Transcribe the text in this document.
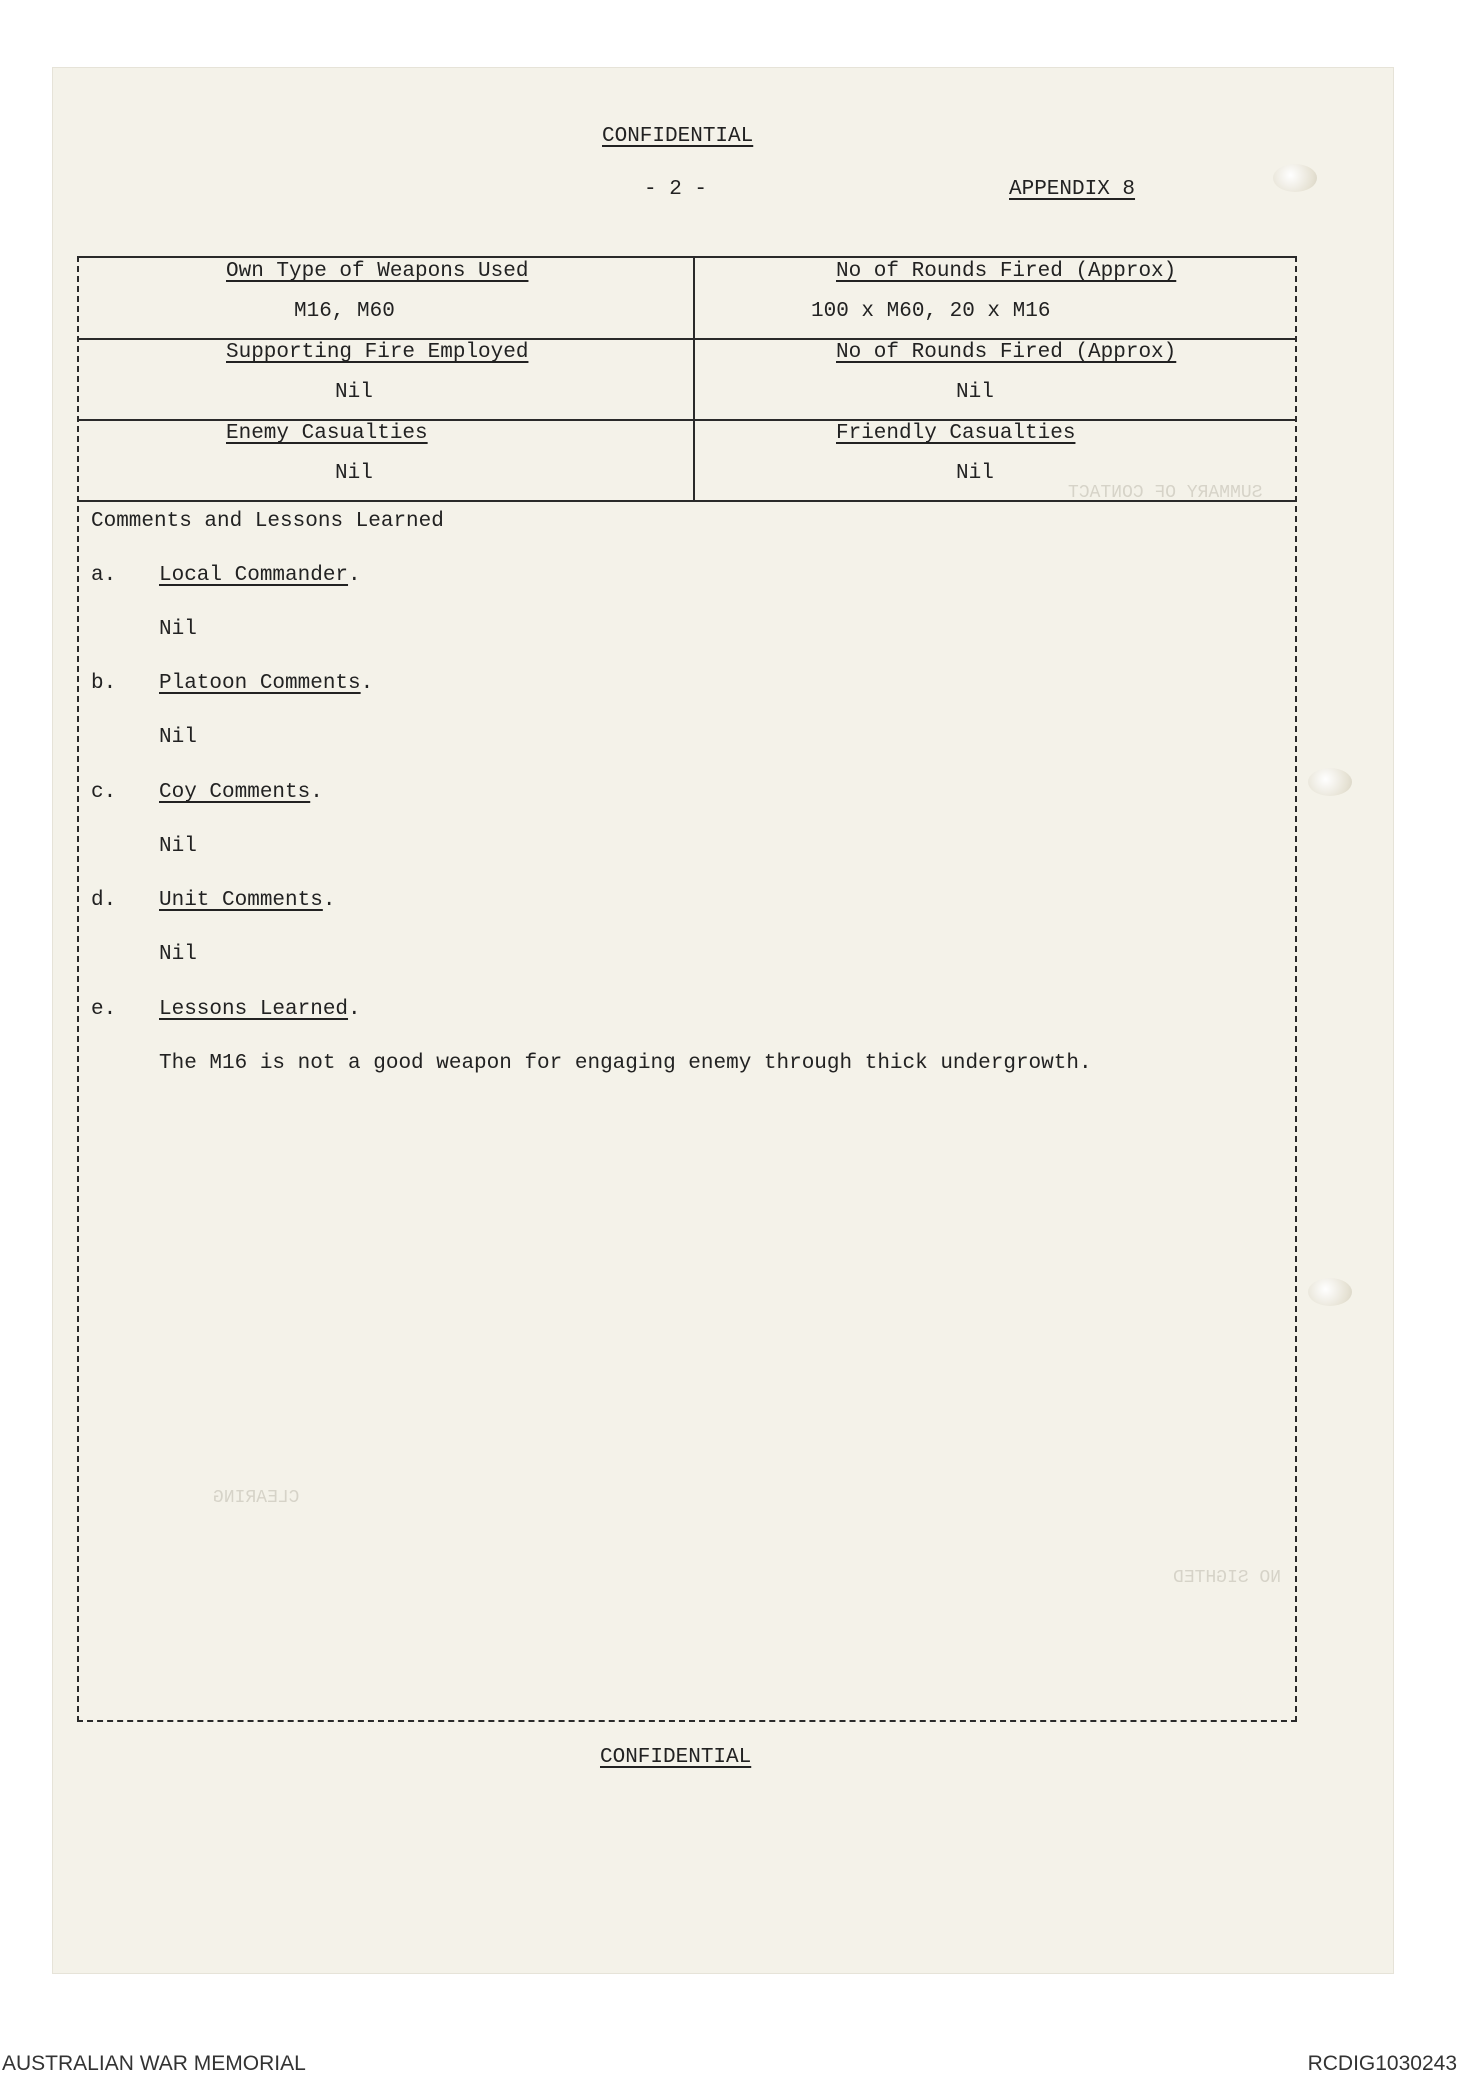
SUMMARY OF CONTACT
CLEARING
NO SIGHTED
CONFIDENTIAL
- 2 -	APPENDIX 8
Own Type of Weapons Used
M16, M60
No of Rounds Fired (Approx)
100 x M60, 20 x M16
Supporting Fire Employed
Nil
No of Rounds Fired (Approx)
Nil
Enemy Casualties
Nil
Friendly Casualties
Nil
Comments and Lessons Learned
a. Local Commander.
Nil
b. Platoon Comments.
Nil
c. Coy Comments.
Nil
d. Unit Comments.
Nil
e. Lessons Learned.
The M16 is not a good weapon for engaging enemy through thick undergrowth.
CONFIDENTIAL
AUSTRALIAN WAR MEMORIAL	RCDIG1030243
